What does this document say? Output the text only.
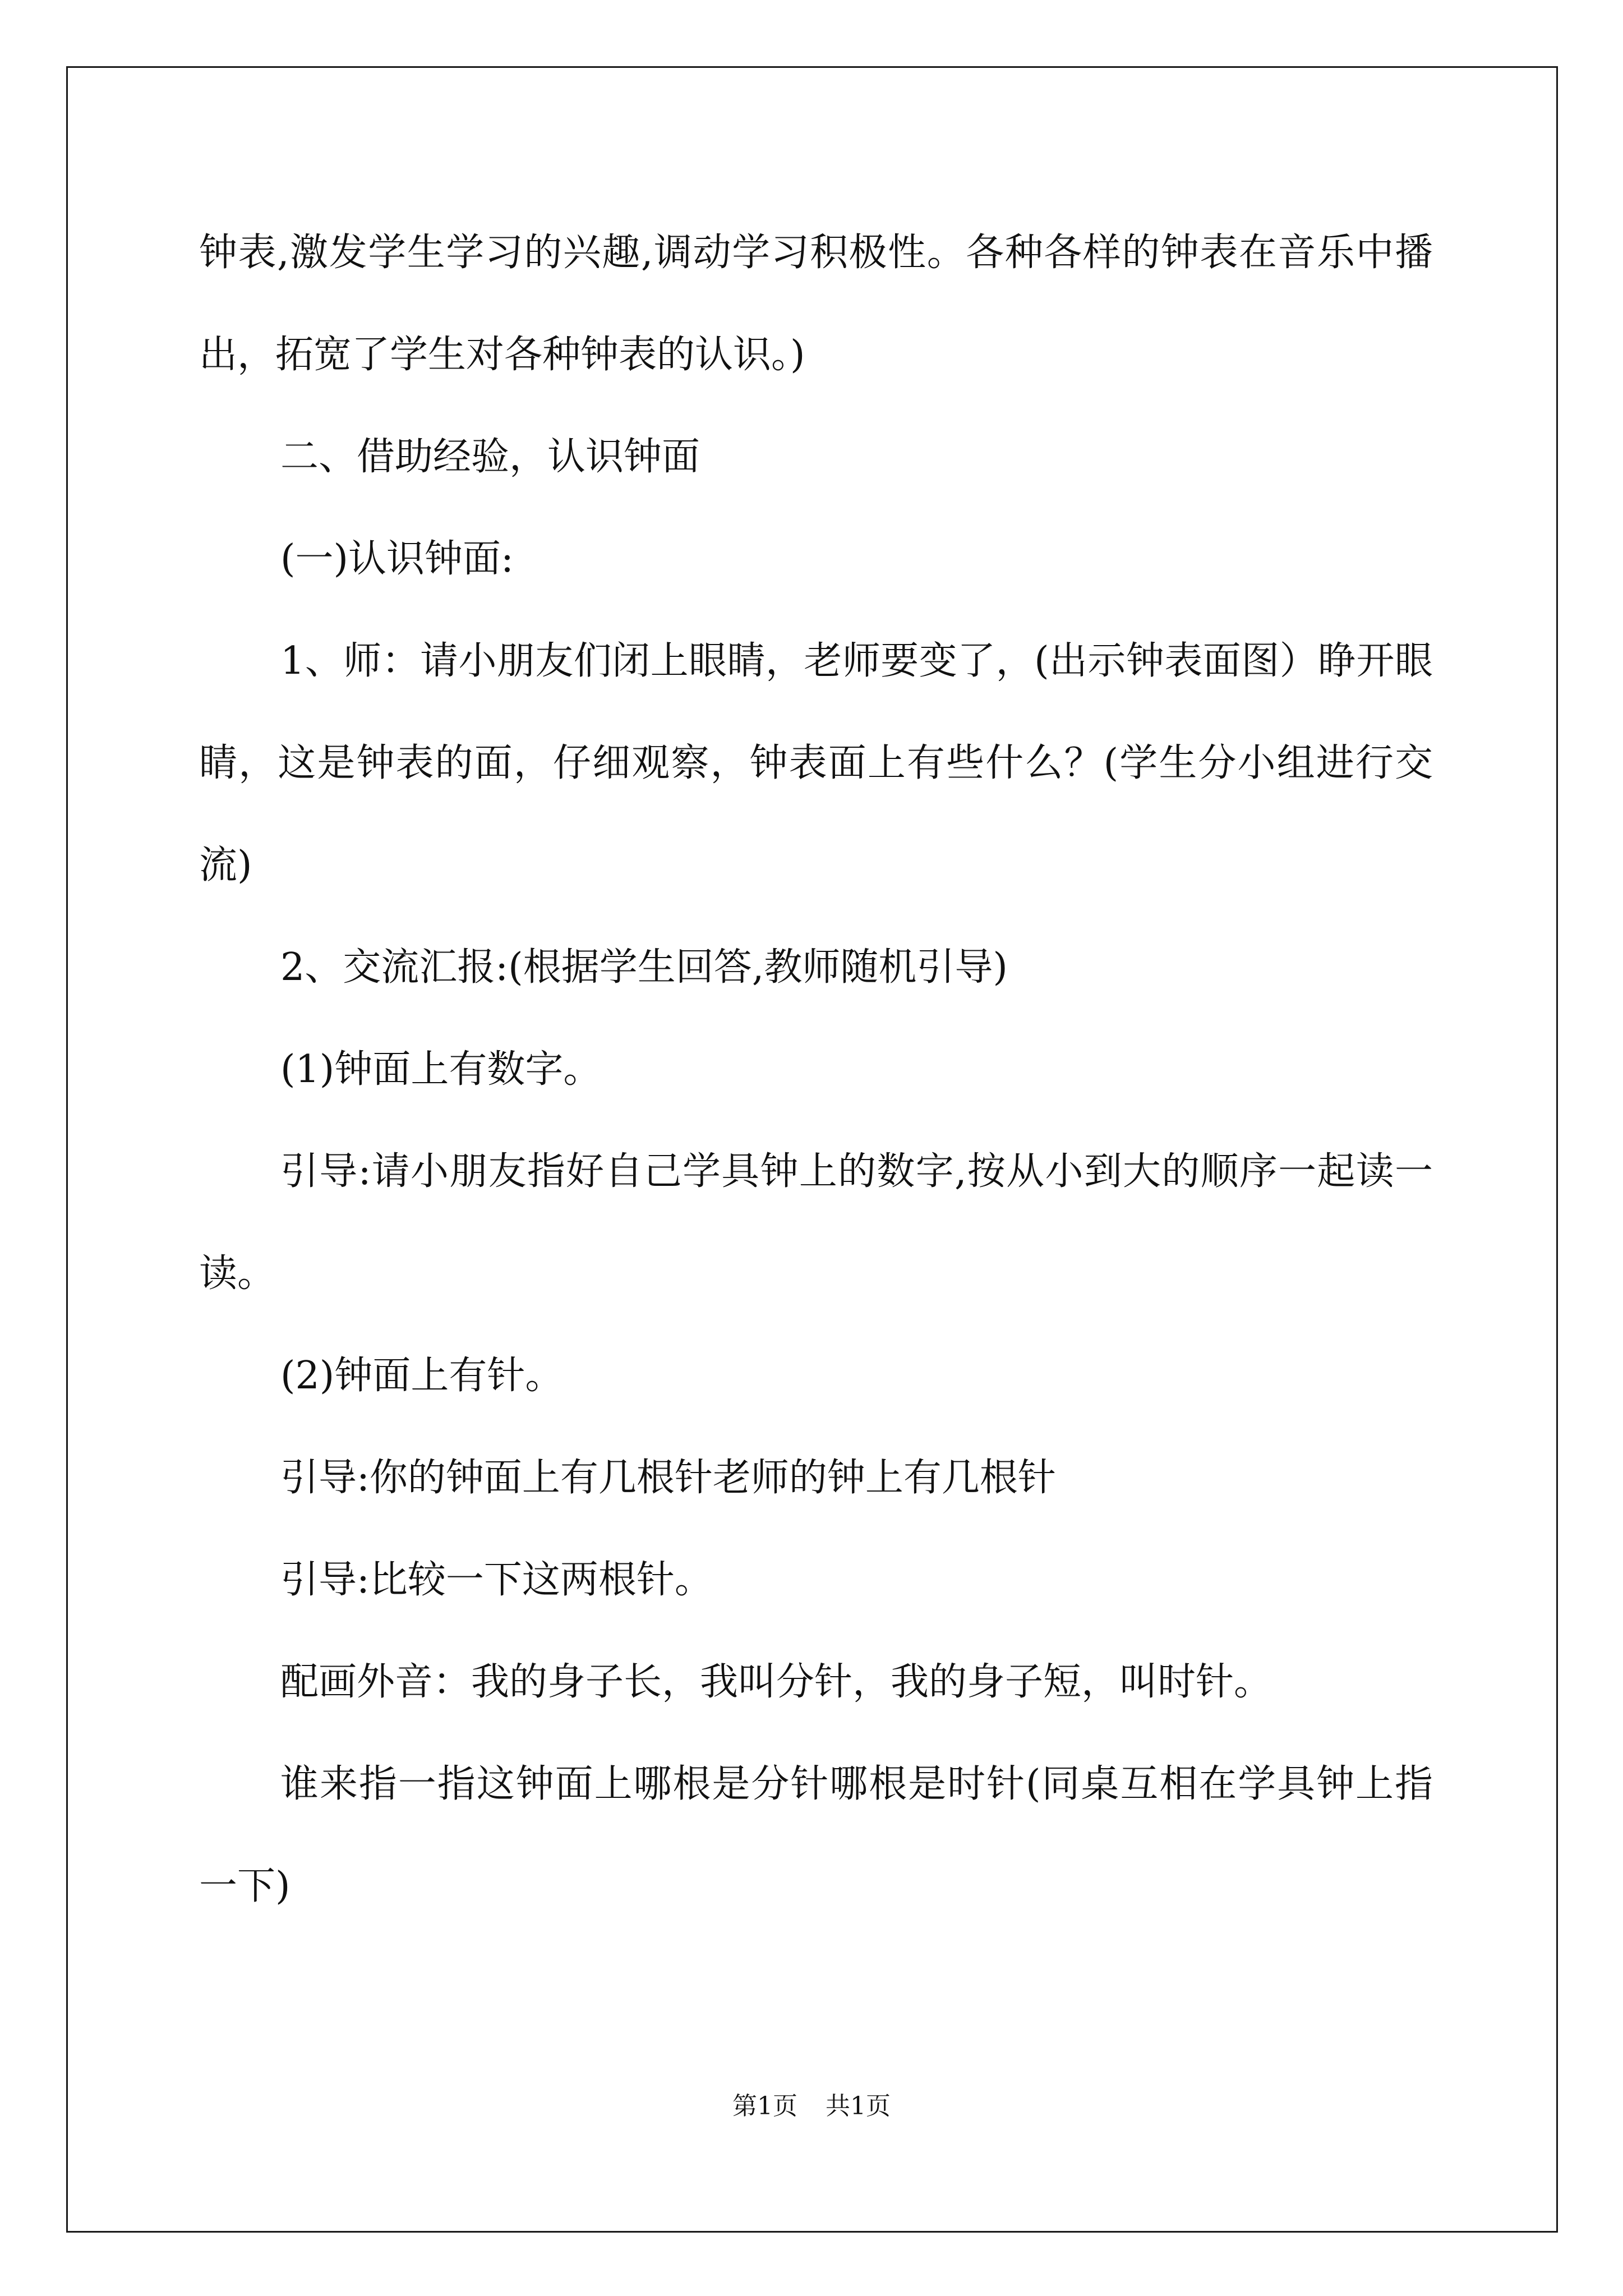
钟表,激发学生学习的兴趣,调动学习积极性。各种各样的钟表在音乐中播出，拓宽了学生对各种钟表的认识。)

二、借助经验，认识钟面

(一)认识钟面:

1、师：请小朋友们闭上眼睛，老师要变了，(出示钟表面图）睁开眼睛，这是钟表的面，仔细观察，钟表面上有些什么？(学生分小组进行交流)

2、交流汇报:(根据学生回答,教师随机引导)

(1)钟面上有数字。

引导:请小朋友指好自己学具钟上的数字,按从小到大的顺序一起读一读。

(2)钟面上有针。

引导:你的钟面上有几根针老师的钟上有几根针

引导:比较一下这两根针。

配画外音：我的身子长，我叫分针，我的身子短，叫时针。

谁来指一指这钟面上哪根是分针哪根是时针(同桌互相在学具钟上指一下)

第1页 共1页
